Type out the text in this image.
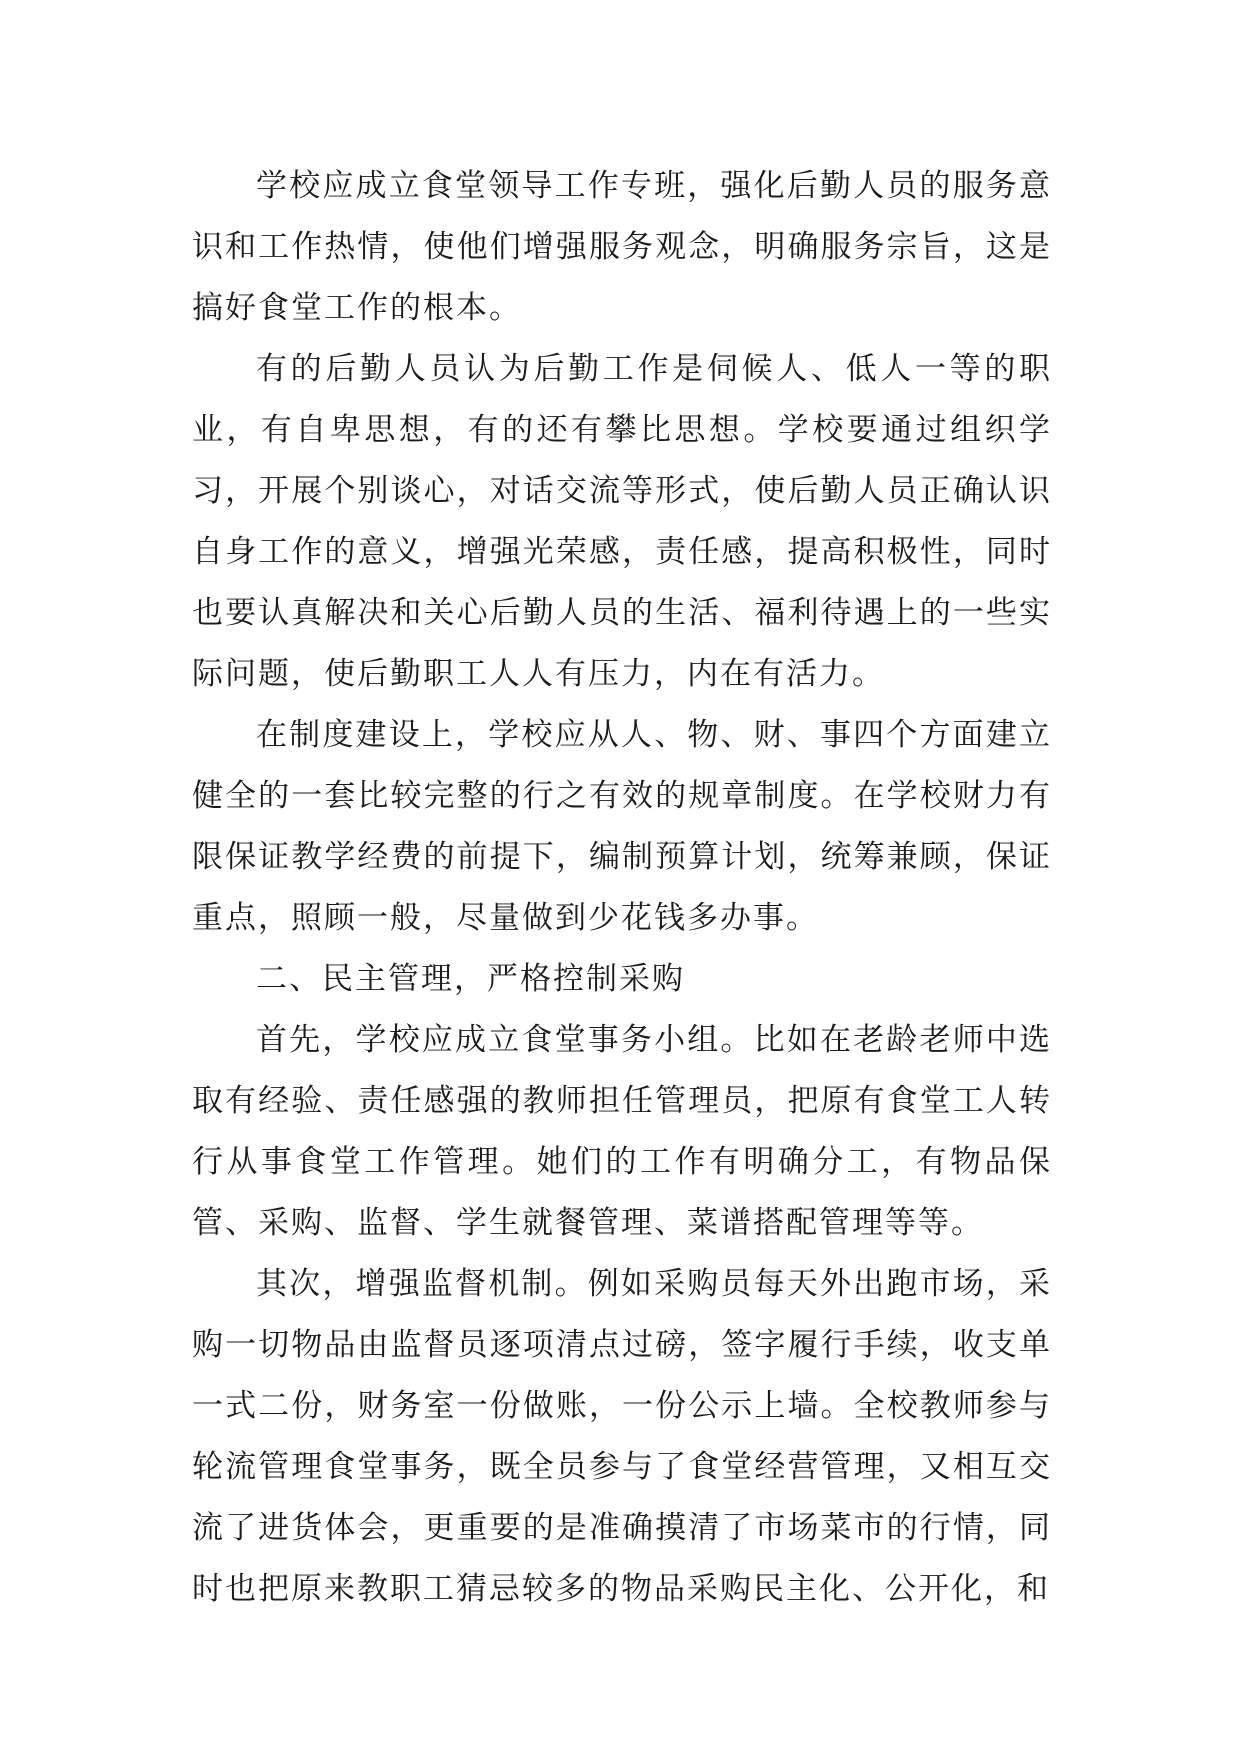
学校应成立食堂领导工作专班，强化后勤人员的服务意识和工作热情，使他们增强服务观念，明确服务宗旨，这是搞好食堂工作的根本。

有的后勤人员认为后勤工作是伺候人、低人一等的职业，有自卑思想，有的还有攀比思想。学校要通过组织学习，开展个别谈心，对话交流等形式，使后勤人员正确认识自身工作的意义，增强光荣感，责任感，提高积极性，同时也要认真解决和关心后勤人员的生活、福利待遇上的一些实际问题，使后勤职工人人有压力，内在有活力。

在制度建设上，学校应从人、物、财、事四个方面建立健全的一套比较完整的行之有效的规章制度。在学校财力有限保证教学经费的前提下，编制预算计划，统筹兼顾，保证重点，照顾一般，尽量做到少花钱多办事。

二、民主管理，严格控制采购

首先，学校应成立食堂事务小组。比如在老龄老师中选取有经验、责任感强的教师担任管理员，把原有食堂工人转行从事食堂工作管理。她们的工作有明确分工，有物品保管、采购、监督、学生就餐管理、菜谱搭配管理等等。

其次，增强监督机制。例如采购员每天外出跑市场，采购一切物品由监督员逐项清点过磅，签字履行手续，收支单一式二份，财务室一份做账，一份公示上墙。全校教师参与轮流管理食堂事务，既全员参与了食堂经营管理，又相互交流了进货体会，更重要的是准确摸清了市场菜市的行情，同时也把原来教职工猜忌较多的物品采购民主化、公开化，和
